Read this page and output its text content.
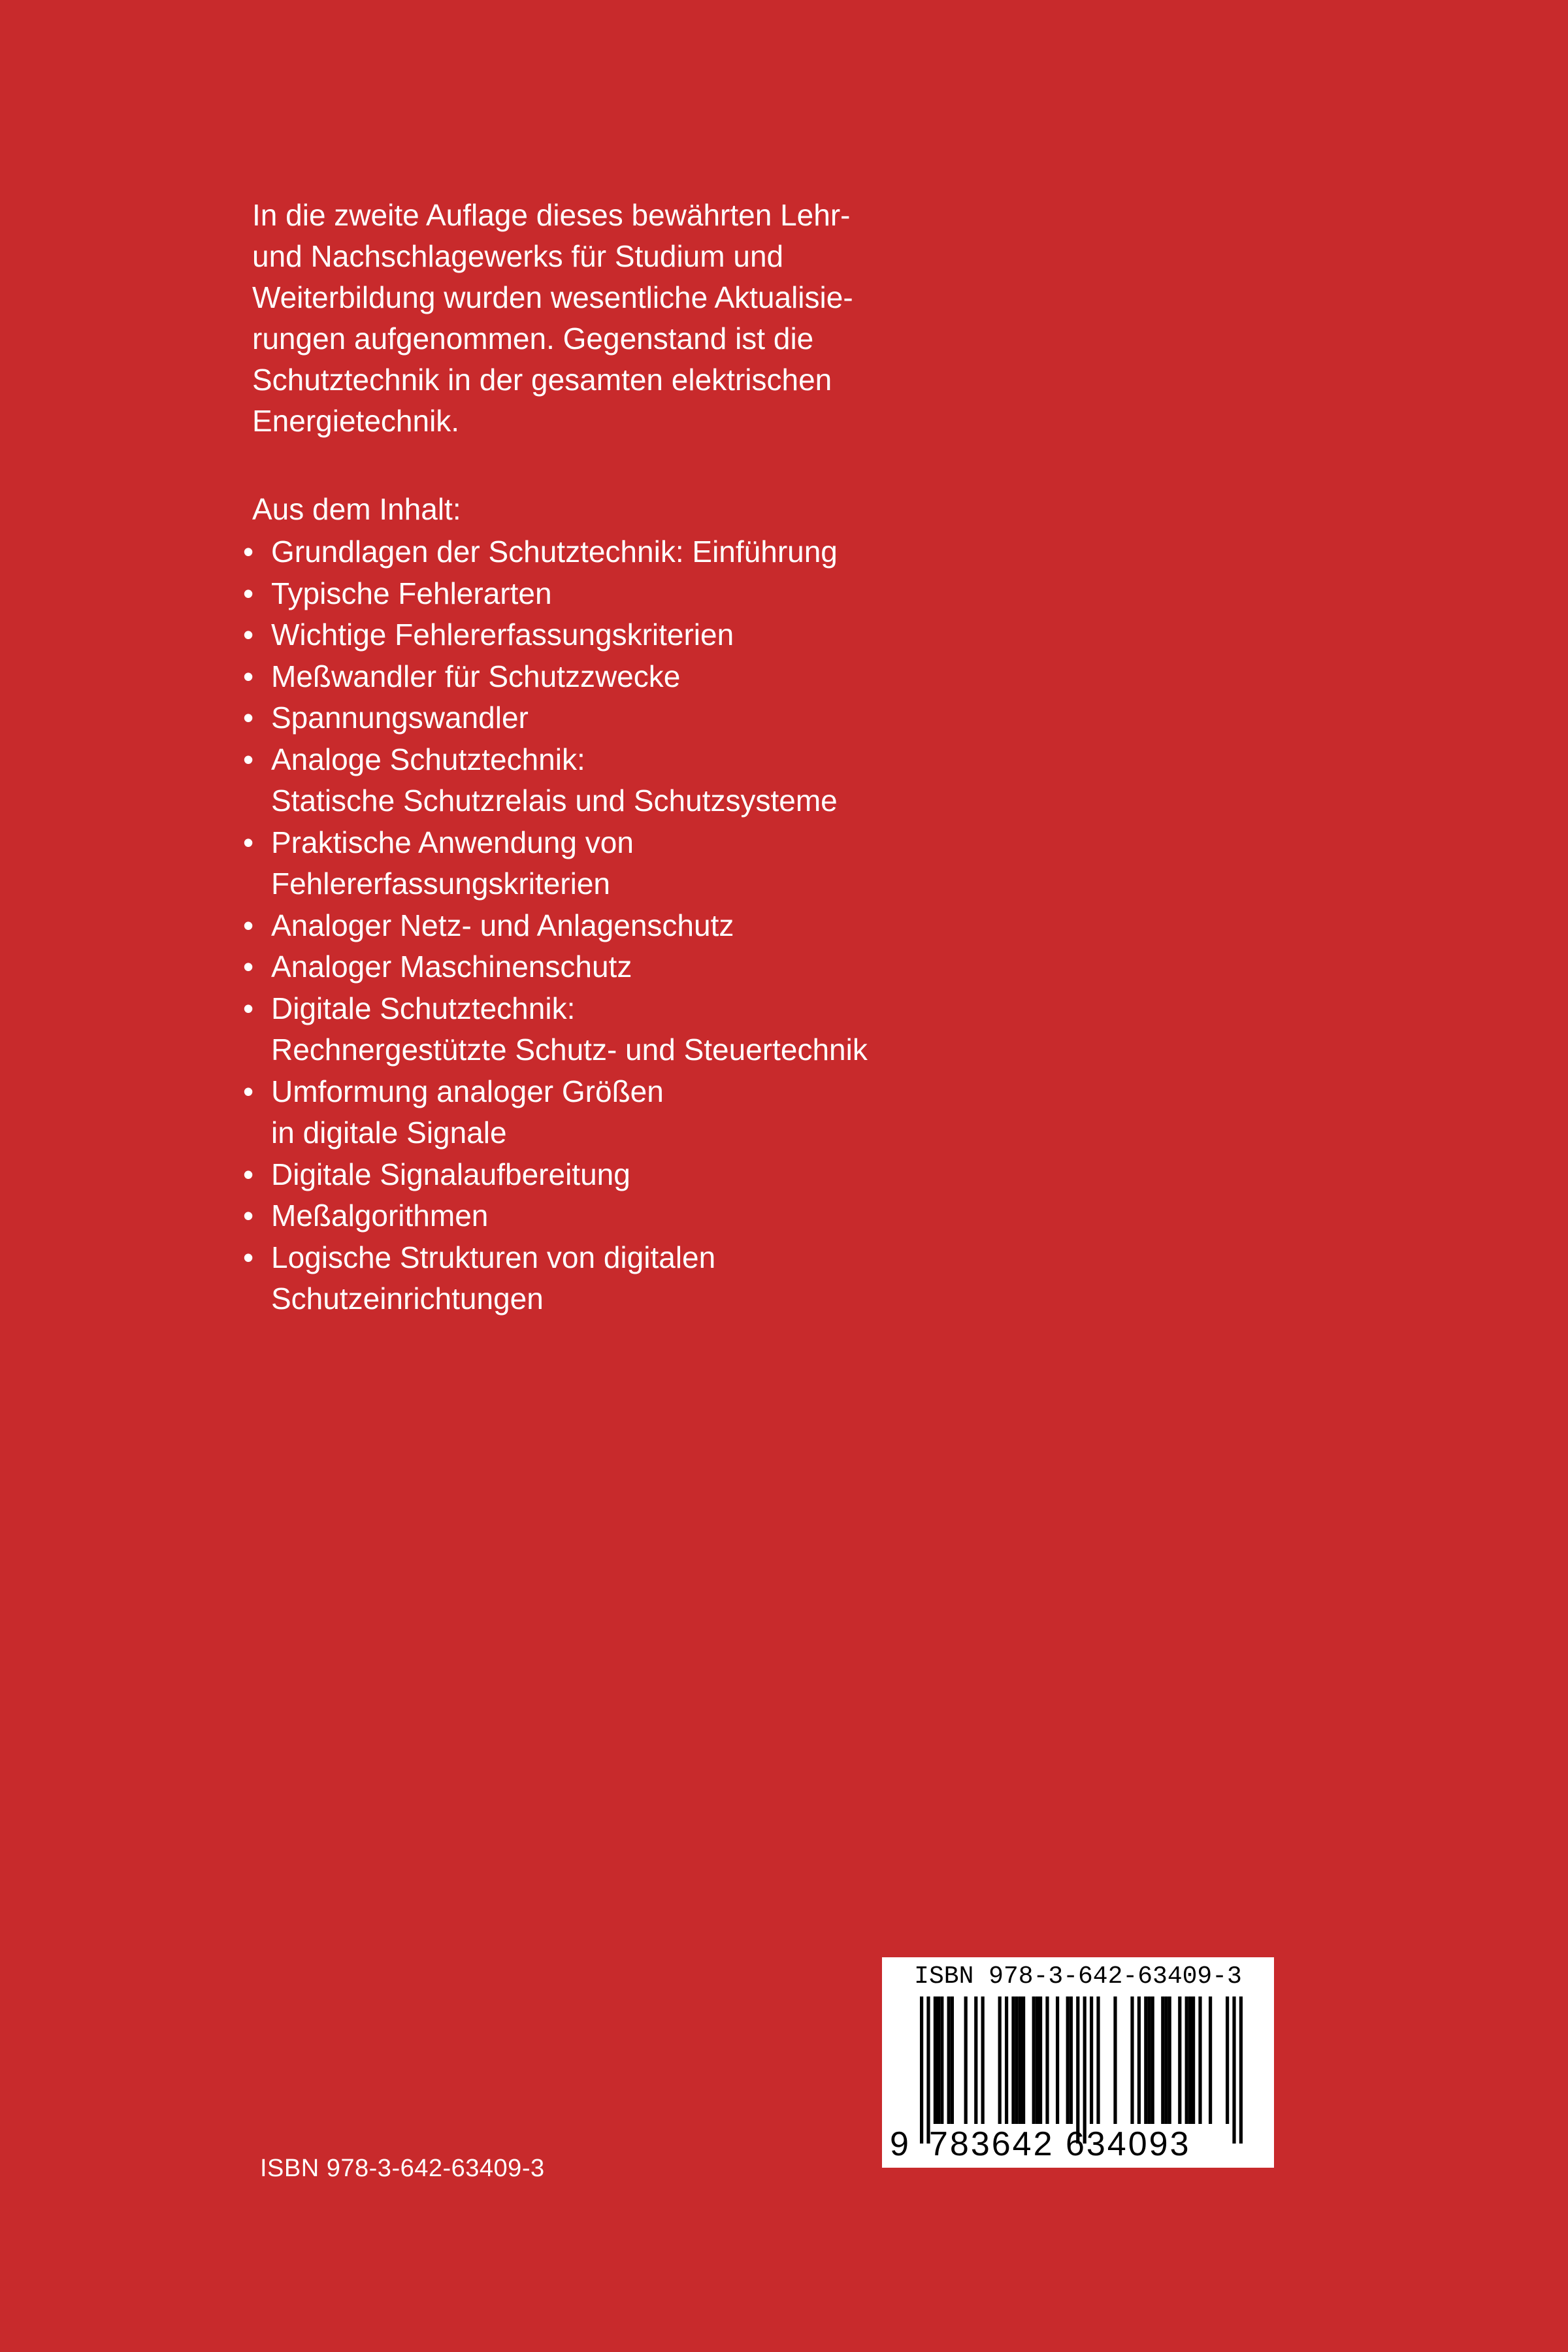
In die zweite Auflage dieses bewährten Lehr-
und Nachschlagewerks für Studium und
Weiterbildung wurden wesentliche Aktualisie-
rungen aufgenommen. Gegenstand ist die
Schutztechnik in der gesamten elektrischen
Energietechnik.
Aus dem Inhalt:
• Grundlagen der Schutztechnik: Einführung
• Typische Fehlerarten
• Wichtige Fehlererfassungskriterien
• Meßwandler für Schutzzwecke
• Spannungswandler
• Analoge Schutztechnik:
Statische Schutzrelais und Schutzsysteme
• Praktische Anwendung von
Fehlererfassungskriterien
• Analoger Netz- und Anlagenschutz
• Analoger Maschinenschutz
• Digitale Schutztechnik:
Rechnergestützte Schutz- und Steuertechnik
• Umformung analoger Größen
in digitale Signale
• Digitale Signalaufbereitung
• Meßalgorithmen
• Logische Strukturen von digitalen
Schutzeinrichtungen
ISBN 978-3-642-63409-3
ISBN 978-3-642-63409-3
9 783642 634093
